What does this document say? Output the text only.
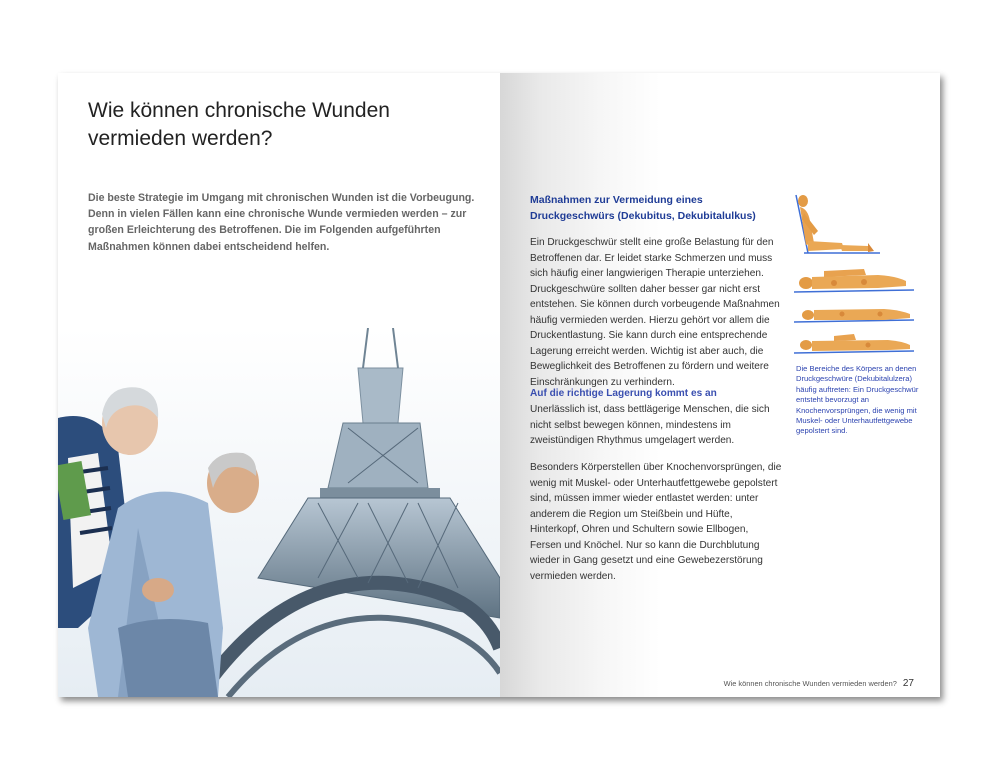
Wie können chronische Wunden vermieden werden?

Die beste Strategie im Umgang mit chronischen Wunden ist die Vorbeugung. Denn in vielen Fällen kann eine chronische Wunde vermieden werden – zur großen Erleichterung des Betroffenen. Die im Folgenden aufgeführten Maßnahmen können dabei entscheidend helfen.

Maßnahmen zur Vermeidung eines Druckgeschwürs (Dekubitus, Dekubitalulkus)

Ein Druckgeschwür stellt eine große Belastung für den Betroffenen dar. Er leidet starke Schmerzen und muss sich häufig einer langwierigen Therapie unterziehen. Druckgeschwüre sollten daher besser gar nicht erst entstehen. Sie können durch vorbeugende Maßnahmen häufig vermieden werden. Hierzu gehört vor allem die Druckentlastung. Sie kann durch eine entsprechende Lagerung erreicht werden. Wichtig ist aber auch, die Beweglichkeit des Betroffenen zu fördern und weitere Einschränkungen zu verhindern.

Auf die richtige Lagerung kommt es an

Unerlässlich ist, dass bettlägerige Menschen, die sich nicht selbst bewegen können, mindestens im zweistündigen Rhythmus umgelagert werden.

Besonders Körperstellen über Knochenvorsprüngen, die wenig mit Muskel- oder Unterhautfettgewebe gepolstert sind, müssen immer wieder entlastet werden: unter anderem die Region um Steißbein und Hüfte, Hinterkopf, Ohren und Schultern sowie Ellbogen, Fersen und Knöchel. Nur so kann die Durchblutung wieder in Gang gesetzt und eine Gewebezerstörung vermieden werden.

Die Bereiche des Körpers an denen Druckgeschwüre (Dekubitalulzera) häufig auftreten: Ein Druckgeschwür entsteht bevorzugt an Knochenvorsprüngen, die wenig mit Muskel- oder Unterhautfettgewebe gepolstert sind.

Wie können chronische Wunden vermieden werden? 27
